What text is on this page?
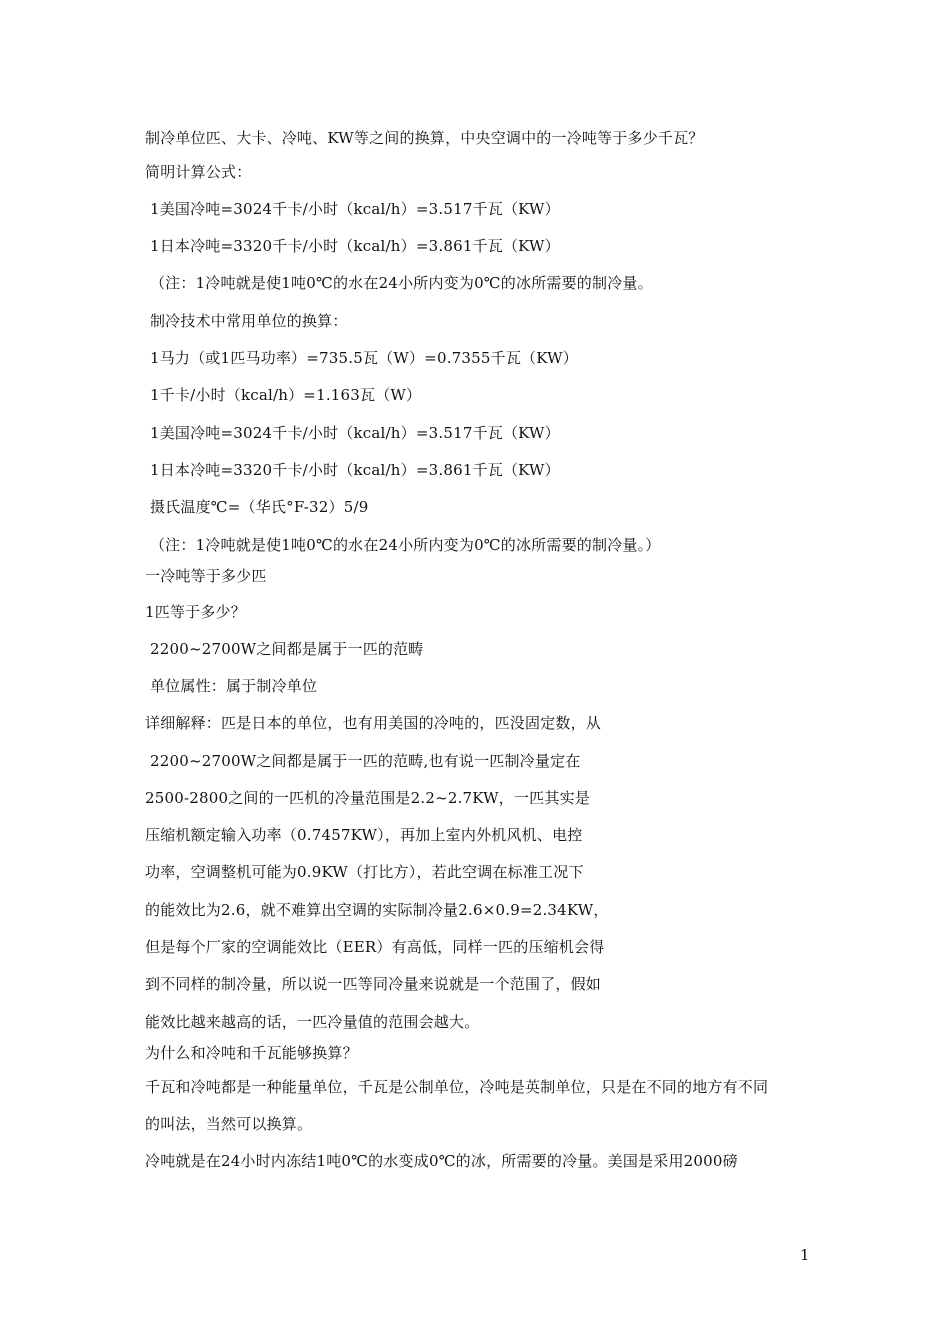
制冷单位匹、大卡、冷吨、KW等之间的换算，中央空调中的一冷吨等于多少千瓦？
简明计算公式：
1美国冷吨=3024千卡/小时（kcal/h）=3.517千瓦（KW）
1日本冷吨=3320千卡/小时（kcal/h）=3.861千瓦（KW）
（注：1冷吨就是使1吨0℃的水在24小所内变为0℃的冰所需要的制冷量。
制冷技术中常用单位的换算：
1马力（或1匹马功率）=735.5瓦（W）=0.7355千瓦（KW）
1千卡/小时（kcal/h）=1.163瓦（W）
1美国冷吨=3024千卡/小时（kcal/h）=3.517千瓦（KW）
1日本冷吨=3320千卡/小时（kcal/h）=3.861千瓦（KW）
摄氏温度℃=（华氏°F-32）5/9
（注：1冷吨就是使1吨0℃的水在24小所内变为0℃的冰所需要的制冷量。）
一冷吨等于多少匹
1匹等于多少？
2200~2700W之间都是属于一匹的范畴
单位属性：属于制冷单位
详细解释：匹是日本的单位，也有用美国的冷吨的，匹没固定数，从
2200~2700W之间都是属于一匹的范畴,也有说一匹制冷量定在
2500-2800之间的一匹机的冷量范围是2.2~2.7KW，一匹其实是
压缩机额定输入功率（0.7457KW），再加上室内外机风机、电控
功率，空调整机可能为0.9KW（打比方），若此空调在标准工况下
的能效比为2.6，就不难算出空调的实际制冷量2.6×0.9=2.34KW，
但是每个厂家的空调能效比（EER）有高低，同样一匹的压缩机会得
到不同样的制冷量，所以说一匹等同冷量来说就是一个范围了，假如
能效比越来越高的话，一匹冷量值的范围会越大。
为什么和冷吨和千瓦能够换算？
千瓦和冷吨都是一种能量单位，千瓦是公制单位，冷吨是英制单位，只是在不同的地方有不同
的叫法，当然可以换算。
冷吨就是在24小时内冻结1吨0℃的水变成0℃的冰，所需要的冷量。美国是采用2000磅
1
